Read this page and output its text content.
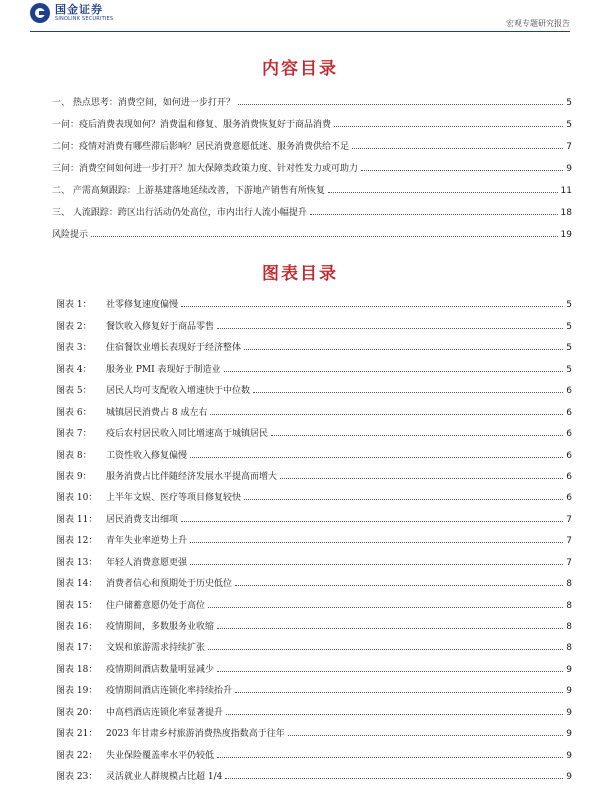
国金证券
SINOLINK SECURITIES
宏观专题研究报告
内容目录
一、 热点思考：消费空间，如何进一步打开？	5
一问：疫后消费表现如何？消费温和修复、服务消费恢复好于商品消费	5
二问：疫情对消费有哪些滞后影响？居民消费意愿低迷、服务消费供给不足	7
三问：消费空间如何进一步打开？加大保障类政策力度、针对性发力或可助力	9
二、 产需高频跟踪：上游基建落地延续改善，下游地产销售有所恢复	11
三、 人流跟踪：跨区出行活动仍处高位，市内出行人流小幅提升	18
风险提示	19
图表目录
图表 1：	社零修复速度偏慢	5
图表 2：	餐饮收入修复好于商品零售	5
图表 3：	住宿餐饮业增长表现好于经济整体	5
图表 4：	服务业 PMI 表现好于制造业	5
图表 5：	居民人均可支配收入增速快于中位数	6
图表 6：	城镇居民消费占 8 成左右	6
图表 7：	疫后农村居民收入同比增速高于城镇居民	6
图表 8：	工资性收入修复偏慢	6
图表 9：	服务消费占比伴随经济发展水平提高而增大	6
图表 10： 上半年文娱、医疗等项目修复较快	6
图表 11： 居民消费支出细项	7
图表 12： 青年失业率逆势上升	7
图表 13： 年轻人消费意愿更强	7
图表 14： 消费者信心和预期处于历史低位	8
图表 15： 住户储蓄意愿仍处于高位	8
图表 16： 疫情期间，多数服务业收缩	8
图表 17： 文娱和旅游需求持续扩张	8
图表 18： 疫情期间酒店数量明显减少	9
图表 19： 疫情期间酒店连锁化率持续抬升	9
图表 20： 中高档酒店连锁化率显著提升	9
图表 21： 2023 年甘肃乡村旅游消费热度指数高于往年	9
图表 22： 失业保险覆盖率水平仍较低	9
图表 23： 灵活就业人群规模占比超 1/4	9
